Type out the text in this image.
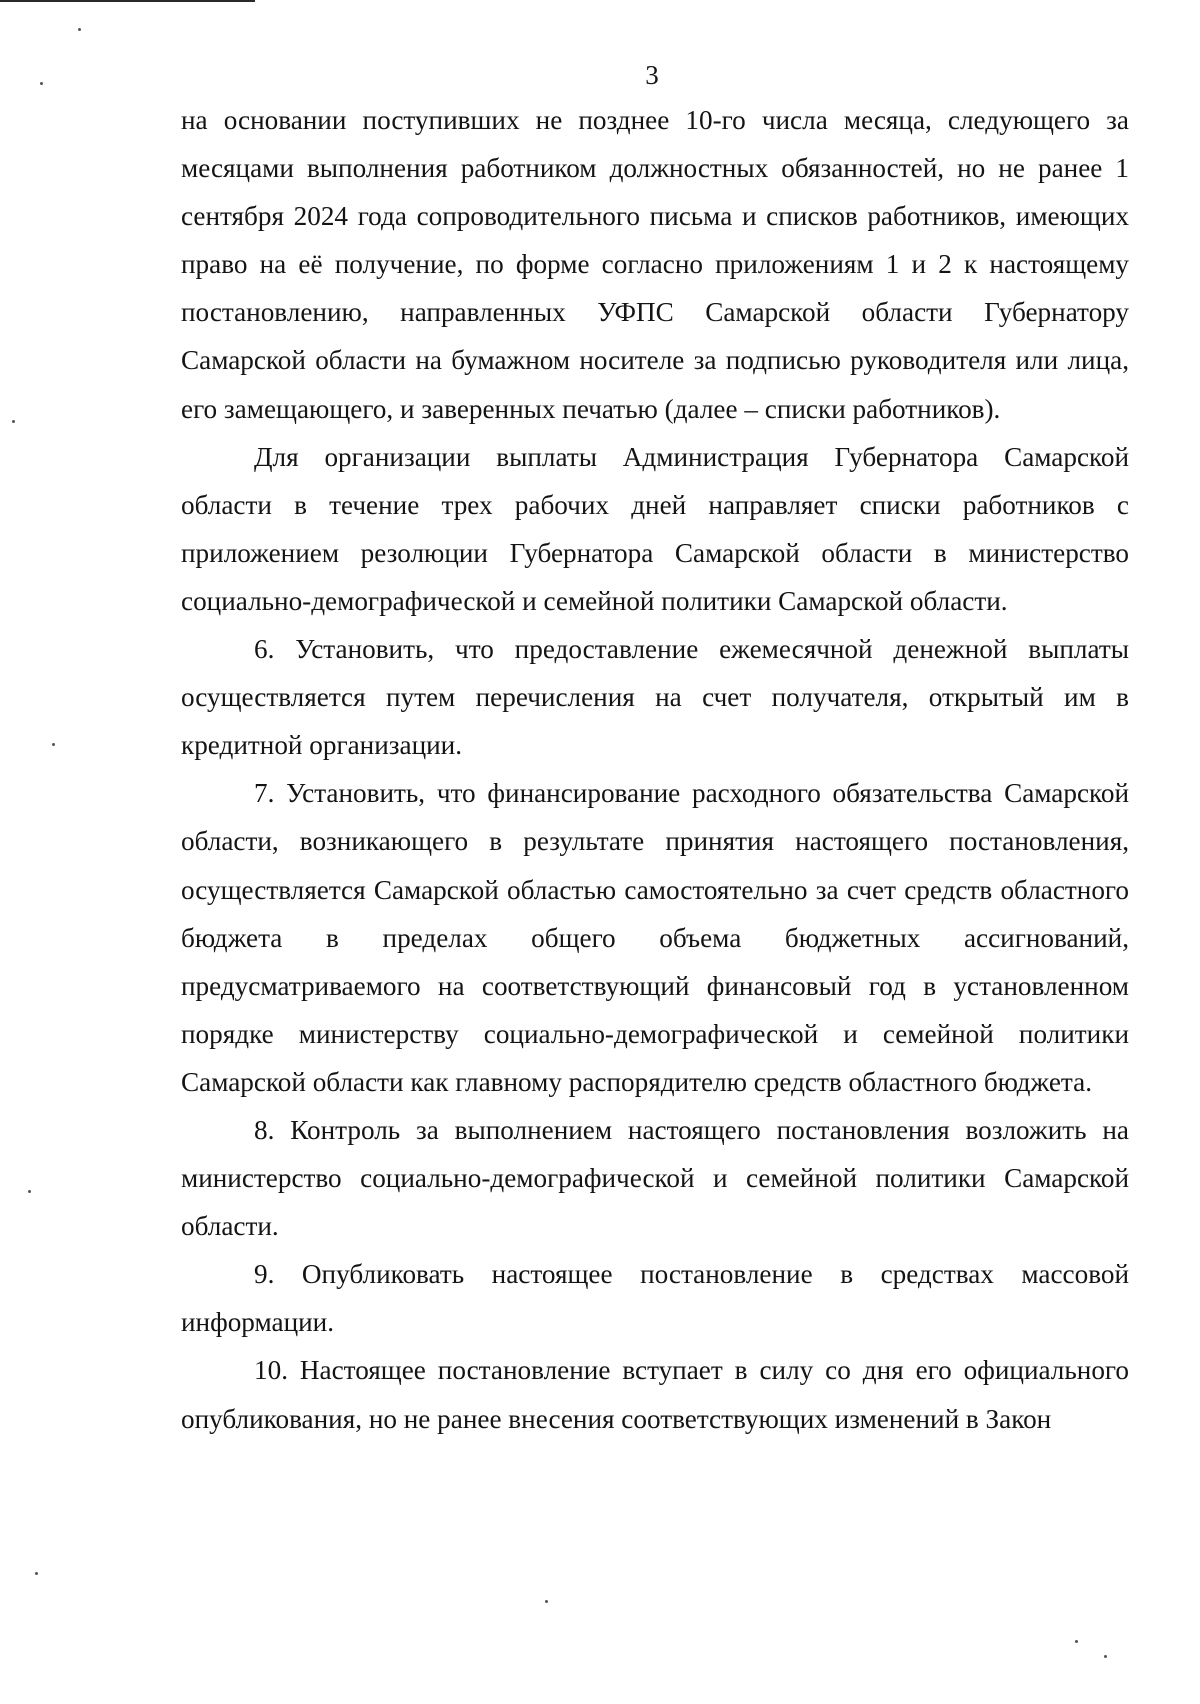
3

на основании поступивших не позднее 10-го числа месяца, следующего за месяцами выполнения работником должностных обязанностей, но не ранее 1 сентября 2024 года сопроводительного письма и списков работников, имеющих право на её получение, по форме согласно приложениям 1 и 2 к настоящему постановлению, направленных УФПС Самарской области Губернатору Самарской области на бумажном носителе за подписью руководителя или лица, его замещающего, и заверенных печатью (далее – списки работников).

Для организации выплаты Администрация Губернатора Самарской области в течение трех рабочих дней направляет списки работников с приложением резолюции Губернатора Самарской области в министерство социально-демографической и семейной политики Самарской области.

6. Установить, что предоставление ежемесячной денежной выплаты осуществляется путем перечисления на счет получателя, открытый им в кредитной организации.

7. Установить, что финансирование расходного обязательства Самарской области, возникающего в результате принятия настоящего постановления, осуществляется Самарской областью самостоятельно за счет средств областного бюджета в пределах общего объема бюджетных ассигнований, предусматриваемого на соответствующий финансовый год в установленном порядке министерству социально-демографической и семейной политики Самарской области как главному распорядителю средств областного бюджета.

8. Контроль за выполнением настоящего постановления возложить на министерство социально-демографической и семейной политики Самарской области.

9. Опубликовать настоящее постановление в средствах массовой информации.

10. Настоящее постановление вступает в силу со дня его официального опубликования, но не ранее внесения соответствующих изменений в Закон
